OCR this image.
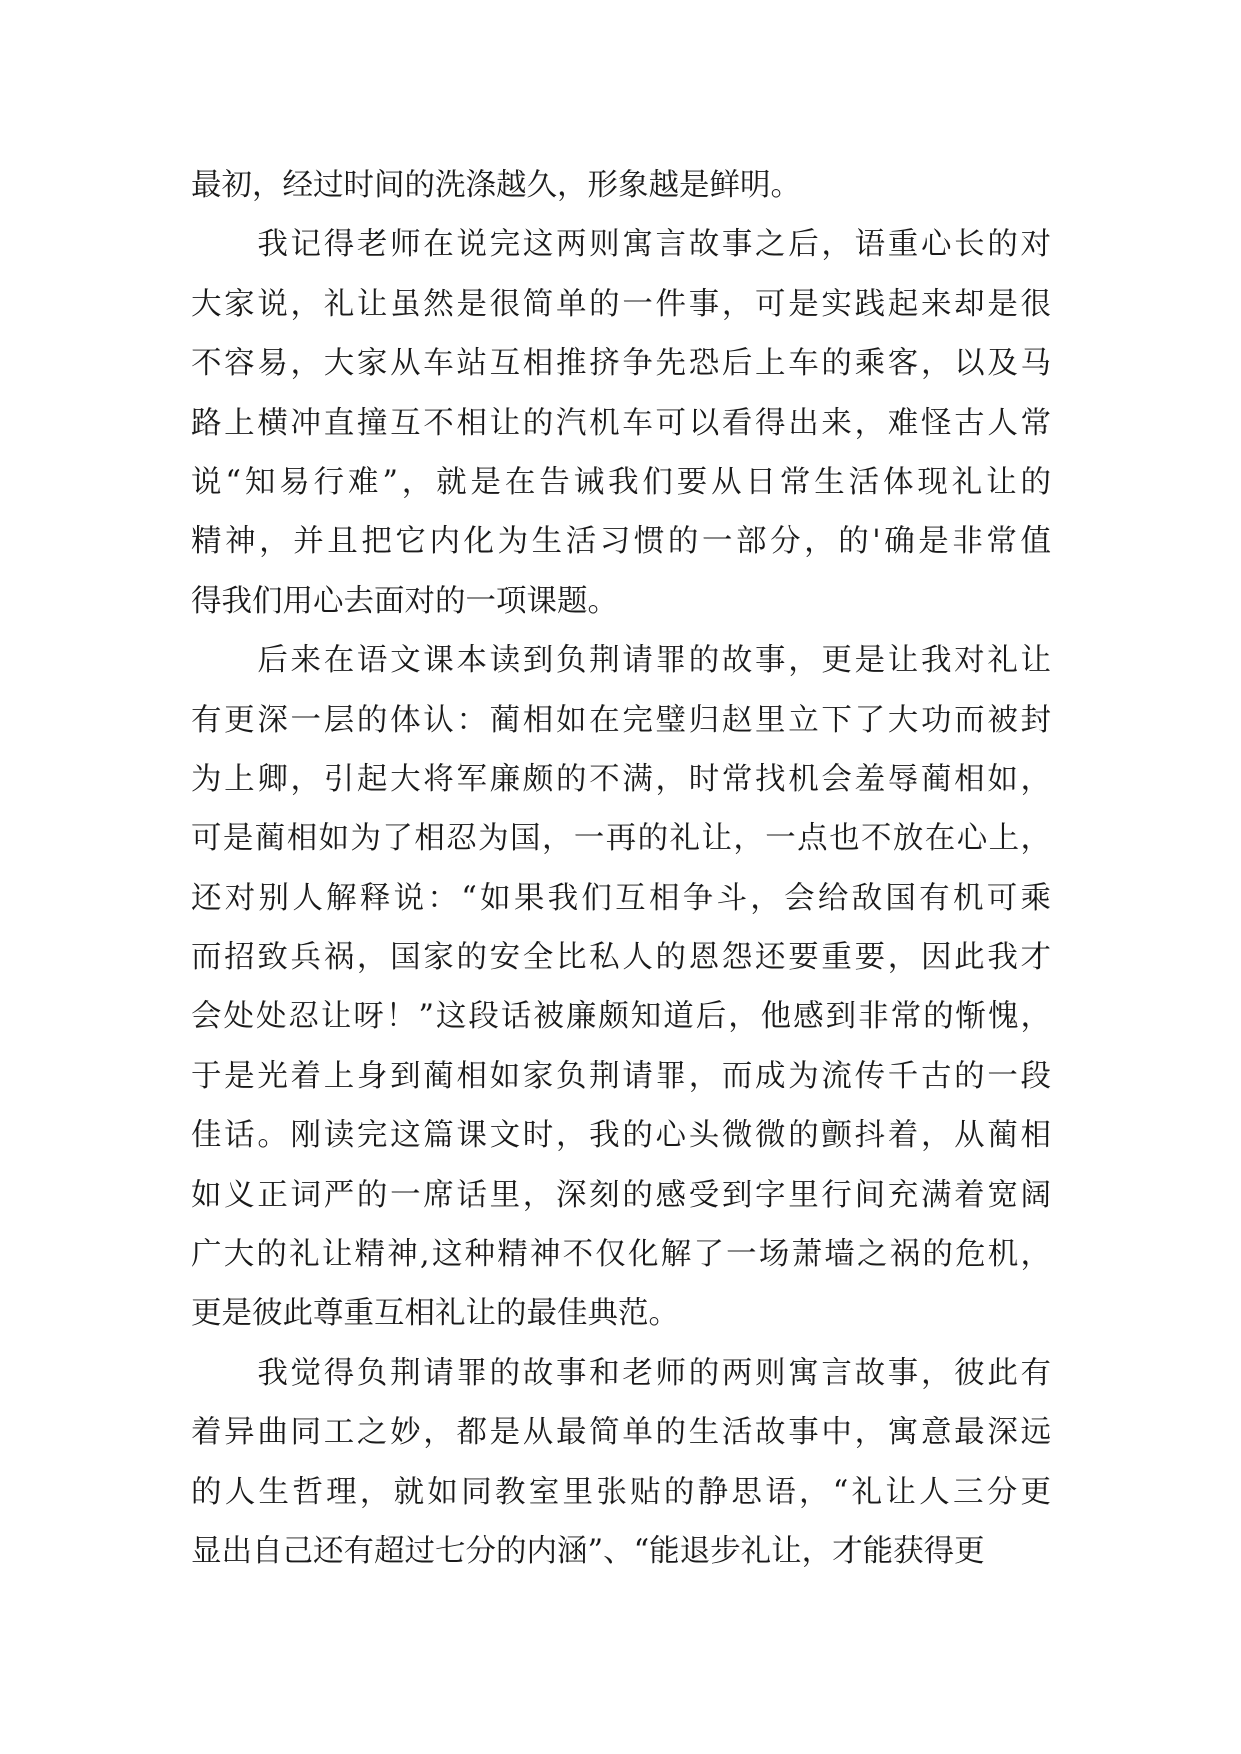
最初，经过时间的洗涤越久，形象越是鲜明。
　　我记得老师在说完这两则寓言故事之后，语重心长的对
大家说，礼让虽然是很简单的一件事，可是实践起来却是很
不容易，大家从车站互相推挤争先恐后上车的乘客，以及马
路上横冲直撞互不相让的汽机车可以看得出来，难怪古人常
说“知易行难”，就是在告诫我们要从日常生活体现礼让的
精神，并且把它内化为生活习惯的一部分，的'确是非常值
得我们用心去面对的一项课题。
　　后来在语文课本读到负荆请罪的故事，更是让我对礼让
有更深一层的体认：蔺相如在完璧归赵里立下了大功而被封
为上卿，引起大将军廉颇的不满，时常找机会羞辱蔺相如，
可是蔺相如为了相忍为国，一再的礼让，一点也不放在心上，
还对别人解释说：“如果我们互相争斗，会给敌国有机可乘
而招致兵祸，国家的安全比私人的恩怨还要重要，因此我才
会处处忍让呀！”这段话被廉颇知道后，他感到非常的惭愧，
于是光着上身到蔺相如家负荆请罪，而成为流传千古的一段
佳话。刚读完这篇课文时，我的心头微微的颤抖着，从蔺相
如义正词严的一席话里，深刻的感受到字里行间充满着宽阔
广大的礼让精神,这种精神不仅化解了一场萧墙之祸的危机，
更是彼此尊重互相礼让的最佳典范。
　　我觉得负荆请罪的故事和老师的两则寓言故事，彼此有
着异曲同工之妙，都是从最简单的生活故事中，寓意最深远
的人生哲理，就如同教室里张贴的静思语，“礼让人三分更
显出自己还有超过七分的内涵”、“能退步礼让，才能获得更
